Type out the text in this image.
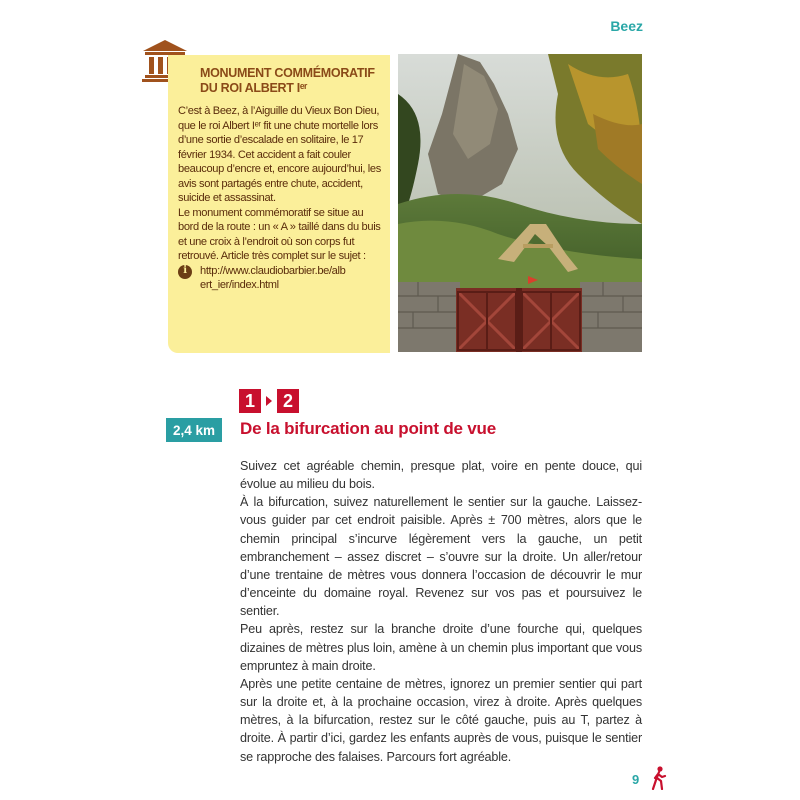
Beez
MONUMENT COMMÉMORATIF
DU ROI ALBERT Iᵉʳ

C’est à Beez, à l’Aiguille du Vieux Bon Dieu, que le roi Albert Iᵉʳ fit une chute mortelle lors d’une sortie d’escalade en solitaire, le 17 février 1934. Cet accident a fait couler beaucoup d’encre et, encore aujourd’hui, les avis sont partagés entre chute, accident, suicide et assassinat.

Le monument commémoratif se situe au bord de la route : un « A » taillé dans du buis et une croix à l’endroit où son corps fut retrouvé. Article très complet sur le sujet :

i	http://www.claudiobarbier.be/albert_ier/index.html
1	2
2,4 km	De la bifurcation au point de vue

Suivez cet agréable chemin, presque plat, voire en pente douce, qui évolue au milieu du bois.

À la bifurcation, suivez naturellement le sentier sur la gauche. Laissez-vous guider par cet endroit paisible. Après ± 700 mètres, alors que le chemin principal s’incurve légèrement vers la gauche, un petit embranchement – assez discret – s’ouvre sur la droite. Un aller/retour d’une trentaine de mètres vous donnera l’occasion de découvrir le mur d’enceinte du domaine royal. Revenez sur vos pas et poursuivez le sentier.

Peu après, restez sur la branche droite d’une fourche qui, quelques dizaines de mètres plus loin, amène à un chemin plus important que vous empruntez à main droite.

Après une petite centaine de mètres, ignorez un premier sentier qui part sur la droite et, à la prochaine occasion, virez à droite. Après quelques mètres, à la bifurcation, restez sur le côté gauche, puis au T, partez à droite. À partir d’ici, gardez les enfants auprès de vous, puisque le sentier se rapproche des falaises. Parcours fort agréable.

9
